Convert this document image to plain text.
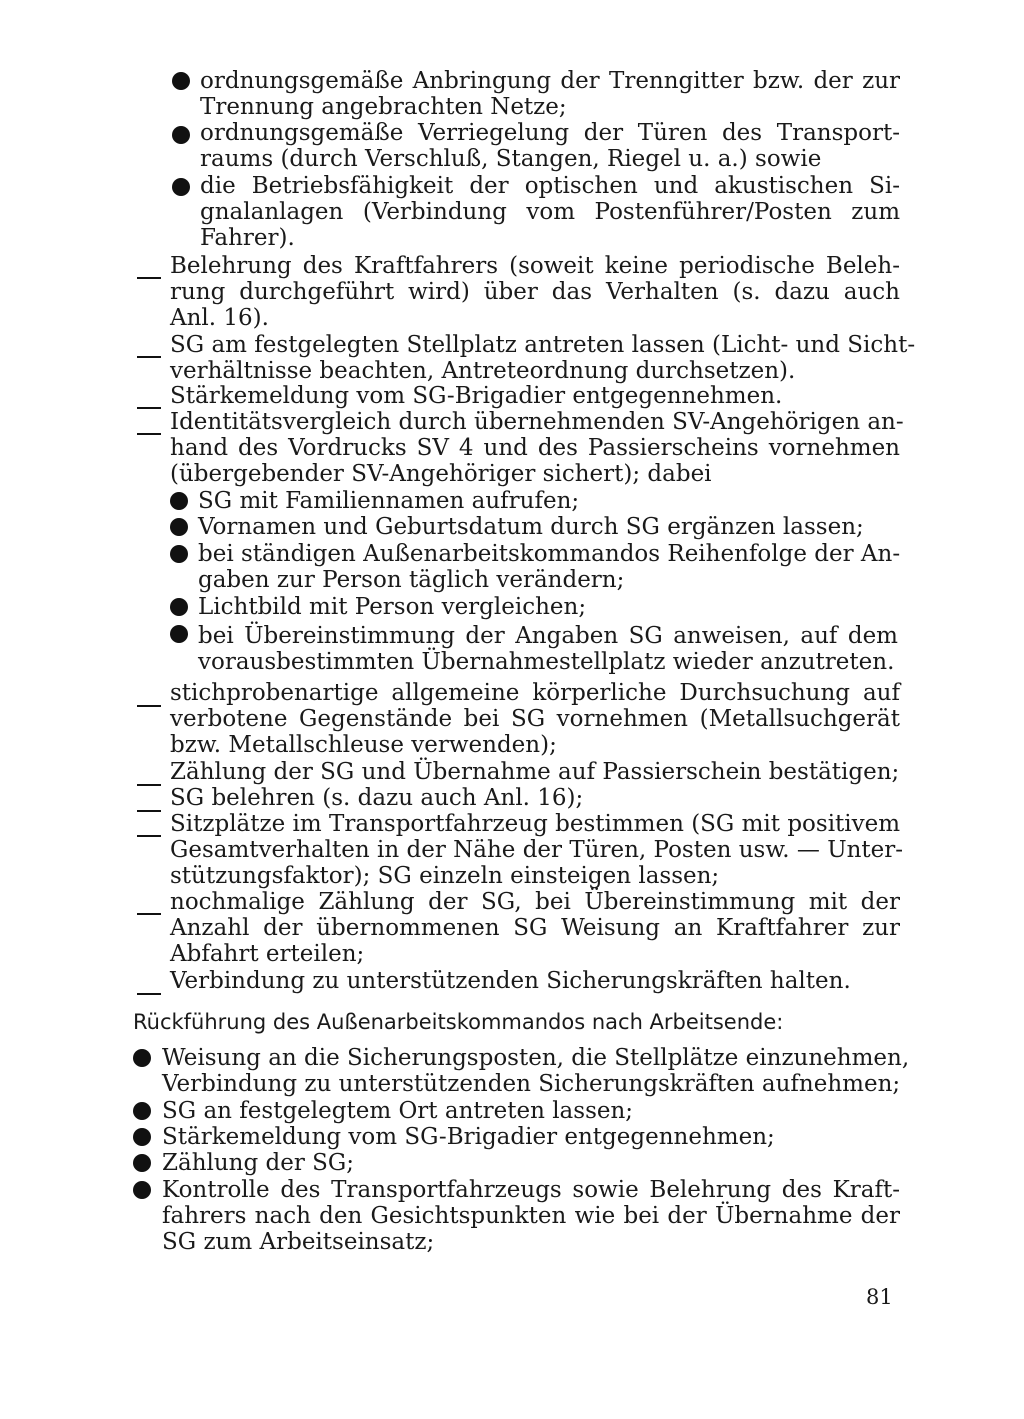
ordnungsgemäße Anbringung der Trenngitter bzw. der zur
Trennung angebrachten Netze;

ordnungsgemäße Verriegelung der Türen des Transport-
raums (durch Verschluß, Stangen, Riegel u. a.) sowie

die Betriebsfähigkeit der optischen und akustischen Si-
gnalanlagen (Verbindung vom Postenführer/Posten zum
Fahrer).

Belehrung des Kraftfahrers (soweit keine periodische Beleh-
rung durchgeführt wird) über das Verhalten (s. dazu auch
Anl. 16).

SG am festgelegten Stellplatz antreten lassen (Licht- und Sicht-
verhältnisse beachten, Antreteordnung durchsetzen).

Stärkemeldung vom SG-Brigadier entgegennehmen.

Identitätsvergleich durch übernehmenden SV-Angehörigen an-
hand des Vordrucks SV 4 und des Passierscheins vornehmen
(übergebender SV-Angehöriger sichert); dabei

SG mit Familiennamen aufrufen;

Vornamen und Geburtsdatum durch SG ergänzen lassen;

bei ständigen Außenarbeitskommandos Reihenfolge der An-
gaben zur Person täglich verändern;

Lichtbild mit Person vergleichen;

bei Übereinstimmung der Angaben SG anweisen, auf dem
vorausbestimmten Übernahmestellplatz wieder anzutreten.

stichprobenartige allgemeine körperliche Durchsuchung auf
verbotene Gegenstände bei SG vornehmen (Metallsuchgerät
bzw. Metallschleuse verwenden);

Zählung der SG und Übernahme auf Passierschein bestätigen;

SG belehren (s. dazu auch Anl. 16);

Sitzplätze im Transportfahrzeug bestimmen (SG mit positivem
Gesamtverhalten in der Nähe der Türen, Posten usw. — Unter-
stützungsfaktor); SG einzeln einsteigen lassen;

nochmalige Zählung der SG, bei Übereinstimmung mit der
Anzahl der übernommenen SG Weisung an Kraftfahrer zur
Abfahrt erteilen;

Verbindung zu unterstützenden Sicherungskräften halten.

Rückführung des Außenarbeitskommandos nach Arbeitsende:

Weisung an die Sicherungsposten, die Stellplätze einzunehmen,
Verbindung zu unterstützenden Sicherungskräften aufnehmen;

SG an festgelegtem Ort antreten lassen;

Stärkemeldung vom SG-Brigadier entgegennehmen;

Zählung der SG;

Kontrolle des Transportfahrzeugs sowie Belehrung des Kraft-
fahrers nach den Gesichtspunkten wie bei der Übernahme der
SG zum Arbeitseinsatz;

81
